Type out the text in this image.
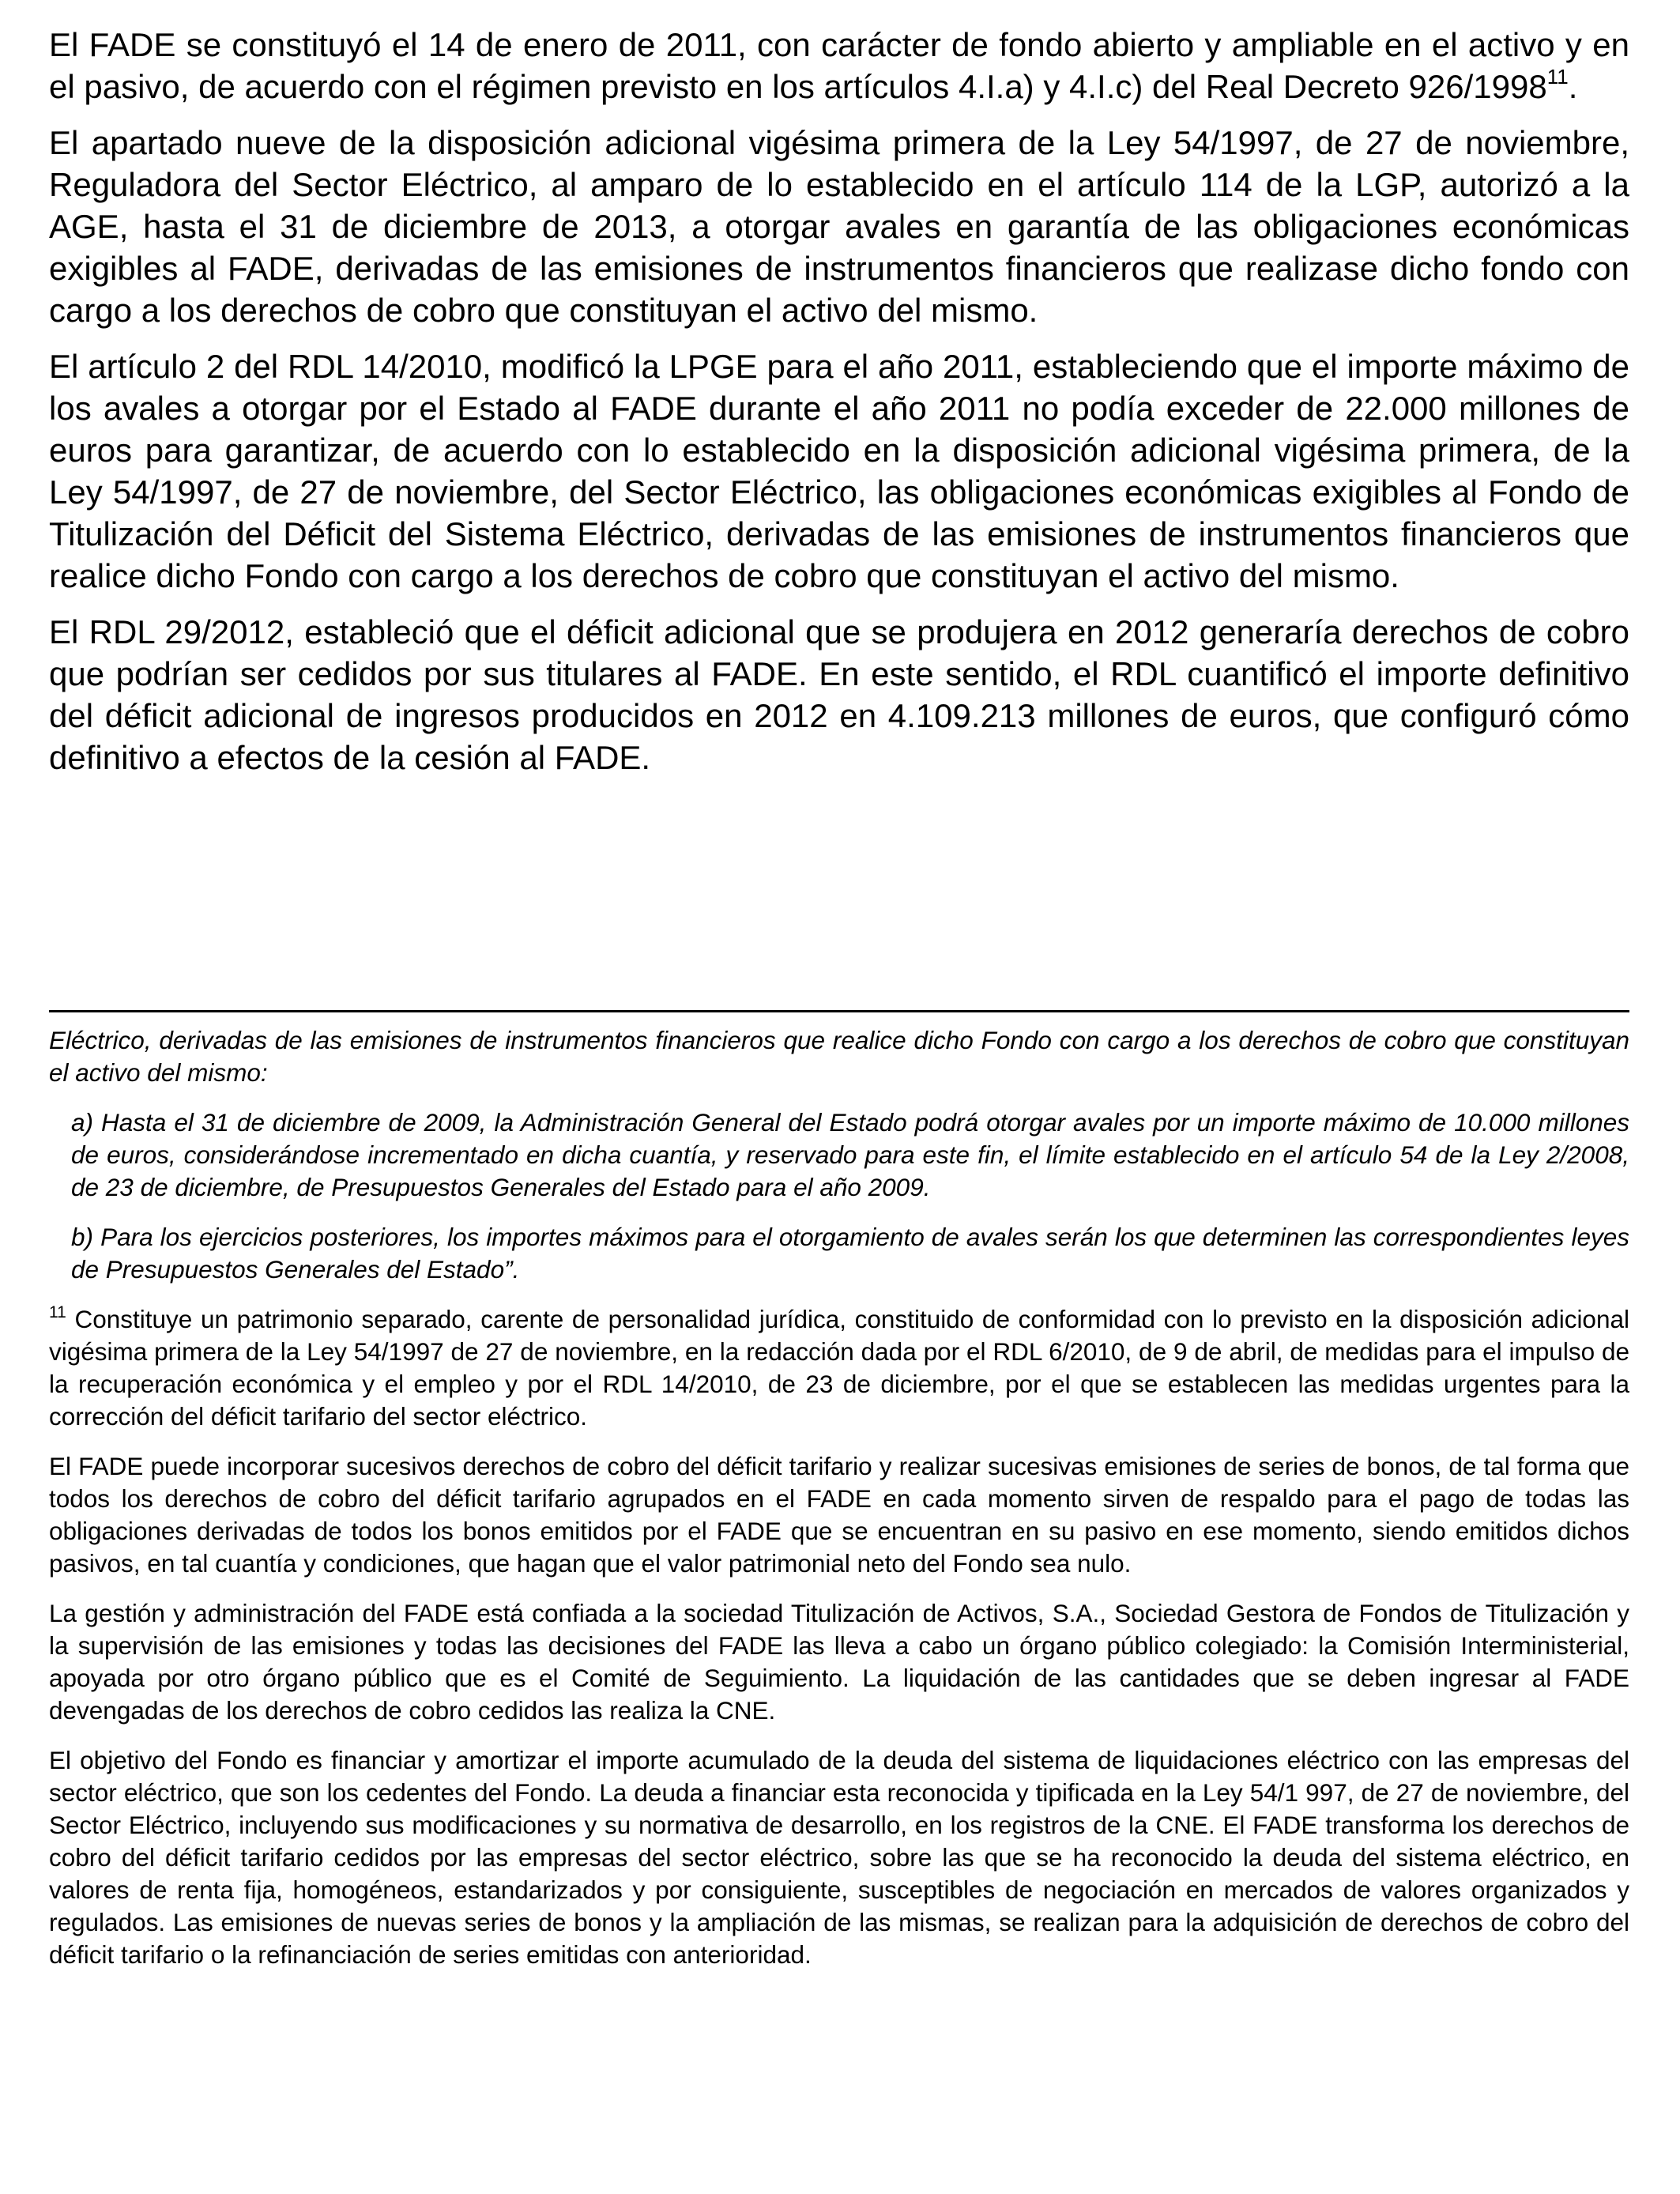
El FADE se constituyó el 14 de enero de 2011, con carácter de fondo abierto y ampliable en el activo y en el pasivo, de acuerdo con el régimen previsto en los artículos 4.I.a) y 4.I.c) del Real Decreto 926/1998$^{11}$.

El apartado nueve de la disposición adicional vigésima primera de la Ley 54/1997, de 27 de noviembre, Reguladora del Sector Eléctrico, al amparo de lo establecido en el artículo 114 de la LGP, autorizó a la AGE, hasta el 31 de diciembre de 2013, a otorgar avales en garantía de las obligaciones económicas exigibles al FADE, derivadas de las emisiones de instrumentos financieros que realizase dicho fondo con cargo a los derechos de cobro que constituyan el activo del mismo.

El artículo 2 del RDL 14/2010, modificó la LPGE para el año 2011, estableciendo que el importe máximo de los avales a otorgar por el Estado al FADE durante el año 2011 no podía exceder de 22.000 millones de euros para garantizar, de acuerdo con lo establecido en la disposición adicional vigésima primera, de la Ley 54/1997, de 27 de noviembre, del Sector Eléctrico, las obligaciones económicas exigibles al Fondo de Titulización del Déficit del Sistema Eléctrico, derivadas de las emisiones de instrumentos financieros que realice dicho Fondo con cargo a los derechos de cobro que constituyan el activo del mismo.

El RDL 29/2012, estableció que el déficit adicional que se produjera en 2012 generaría derechos de cobro que podrían ser cedidos por sus titulares al FADE. En este sentido, el RDL cuantificó el importe definitivo del déficit adicional de ingresos producidos en 2012 en 4.109.213 millones de euros, que configuró cómo definitivo a efectos de la cesión al FADE.

Eléctrico, derivadas de las emisiones de instrumentos financieros que realice dicho Fondo con cargo a los derechos de cobro que constituyan el activo del mismo:

a) Hasta el 31 de diciembre de 2009, la Administración General del Estado podrá otorgar avales por un importe máximo de 10.000 millones de euros, considerándose incrementado en dicha cuantía, y reservado para este fin, el límite establecido en el artículo 54 de la Ley 2/2008, de 23 de diciembre, de Presupuestos Generales del Estado para el año 2009.

b) Para los ejercicios posteriores, los importes máximos para el otorgamiento de avales serán los que determinen las correspondientes leyes de Presupuestos Generales del Estado”.

$^{11}$ Constituye un patrimonio separado, carente de personalidad jurídica, constituido de conformidad con lo previsto en la disposición adicional vigésima primera de la Ley 54/1997 de 27 de noviembre, en la redacción dada por el RDL 6/2010, de 9 de abril, de medidas para el impulso de la recuperación económica y el empleo y por el RDL 14/2010, de 23 de diciembre, por el que se establecen las medidas urgentes para la corrección del déficit tarifario del sector eléctrico.

El FADE puede incorporar sucesivos derechos de cobro del déficit tarifario y realizar sucesivas emisiones de series de bonos, de tal forma que todos los derechos de cobro del déficit tarifario agrupados en el FADE en cada momento sirven de respaldo para el pago de todas las obligaciones derivadas de todos los bonos emitidos por el FADE que se encuentran en su pasivo en ese momento, siendo emitidos dichos pasivos, en tal cuantía y condiciones, que hagan que el valor patrimonial neto del Fondo sea nulo.

La gestión y administración del FADE está confiada a la sociedad Titulización de Activos, S.A., Sociedad Gestora de Fondos de Titulización y la supervisión de las emisiones y todas las decisiones del FADE las lleva a cabo un órgano público colegiado: la Comisión Interministerial, apoyada por otro órgano público que es el Comité de Seguimiento. La liquidación de las cantidades que se deben ingresar al FADE devengadas de los derechos de cobro cedidos las realiza la CNE.

El objetivo del Fondo es financiar y amortizar el importe acumulado de la deuda del sistema de liquidaciones eléctrico con las empresas del sector eléctrico, que son los cedentes del Fondo. La deuda a financiar esta reconocida y tipificada en la Ley 54/1 997, de 27 de noviembre, del Sector Eléctrico, incluyendo sus modificaciones y su normativa de desarrollo, en los registros de la CNE. El FADE transforma los derechos de cobro del déficit tarifario cedidos por las empresas del sector eléctrico, sobre las que se ha reconocido la deuda del sistema eléctrico, en valores de renta fija, homogéneos, estandarizados y por consiguiente, susceptibles de negociación en mercados de valores organizados y regulados. Las emisiones de nuevas series de bonos y la ampliación de las mismas, se realizan para la adquisición de derechos de cobro del déficit tarifario o la refinanciación de series emitidas con anterioridad.
